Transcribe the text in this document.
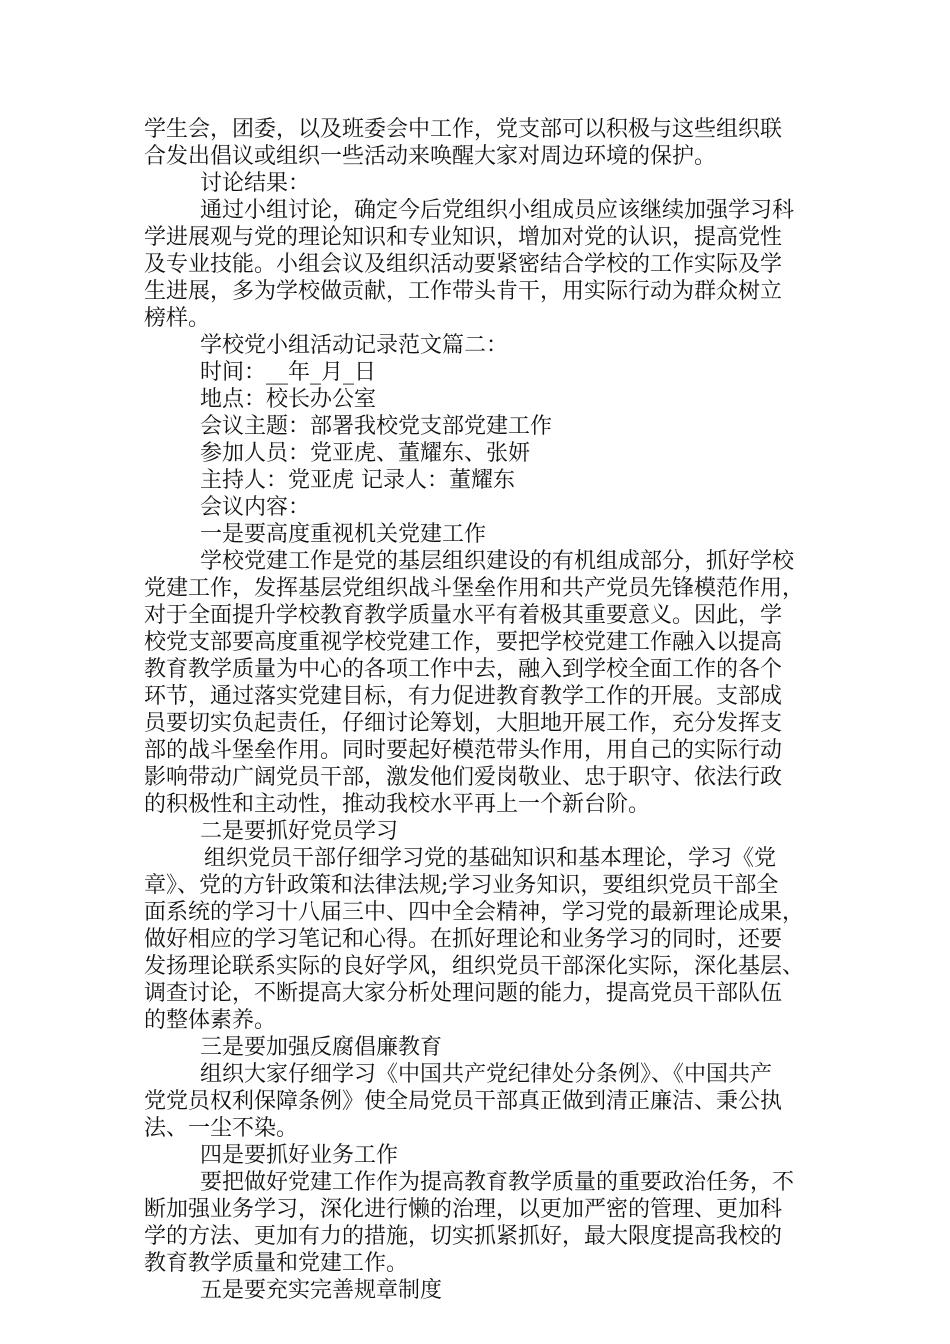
学生会，团委，以及班委会中工作，党支部可以积极与这些组织联
合发出倡议或组织一些活动来唤醒大家对周边环境的保护。
讨论结果：
通过小组讨论，确定今后党组织小组成员应该继续加强学习科
学进展观与党的理论知识和专业知识，增加对党的认识，提高党性
及专业技能。小组会议及组织活动要紧密结合学校的工作实际及学
生进展，多为学校做贡献，工作带头肯干，用实际行动为群众树立
榜样。
学校党小组活动记录范文篇二：
时间：__年_月_日
地点：校长办公室
会议主题：部署我校党支部党建工作
参加人员：党亚虎、董耀东、张妍
主持人：党亚虎 记录人：董耀东
会议内容：
一是要高度重视机关党建工作
学校党建工作是党的基层组织建设的有机组成部分，抓好学校
党建工作，发挥基层党组织战斗堡垒作用和共产党员先锋模范作用，
对于全面提升学校教育教学质量水平有着极其重要意义。因此，学
校党支部要高度重视学校党建工作，要把学校党建工作融入以提高
教育教学质量为中心的各项工作中去，融入到学校全面工作的各个
环节，通过落实党建目标，有力促进教育教学工作的开展。支部成
员要切实负起责任，仔细讨论筹划，大胆地开展工作，充分发挥支
部的战斗堡垒作用。同时要起好模范带头作用，用自己的实际行动
影响带动广阔党员干部，激发他们爱岗敬业、忠于职守、依法行政
的积极性和主动性，推动我校水平再上一个新台阶。
二是要抓好党员学习
组织党员干部仔细学习党的基础知识和基本理论，学习《党
章》、党的方针政策和法律法规;学习业务知识，要组织党员干部全
面系统的学习十八届三中、四中全会精神，学习党的最新理论成果，
做好相应的学习笔记和心得。在抓好理论和业务学习的同时，还要
发扬理论联系实际的良好学风，组织党员干部深化实际，深化基层、
调查讨论，不断提高大家分析处理问题的能力，提高党员干部队伍
的整体素养。
三是要加强反腐倡廉教育
组织大家仔细学习《中国共产党纪律处分条例》、《中国共产
党党员权利保障条例》使全局党员干部真正做到清正廉洁、秉公执
法、一尘不染。
四是要抓好业务工作
要把做好党建工作作为提高教育教学质量的重要政治任务，不
断加强业务学习，深化进行懒的治理，以更加严密的管理、更加科
学的方法、更加有力的措施，切实抓紧抓好，最大限度提高我校的
教育教学质量和党建工作。
五是要充实完善规章制度
